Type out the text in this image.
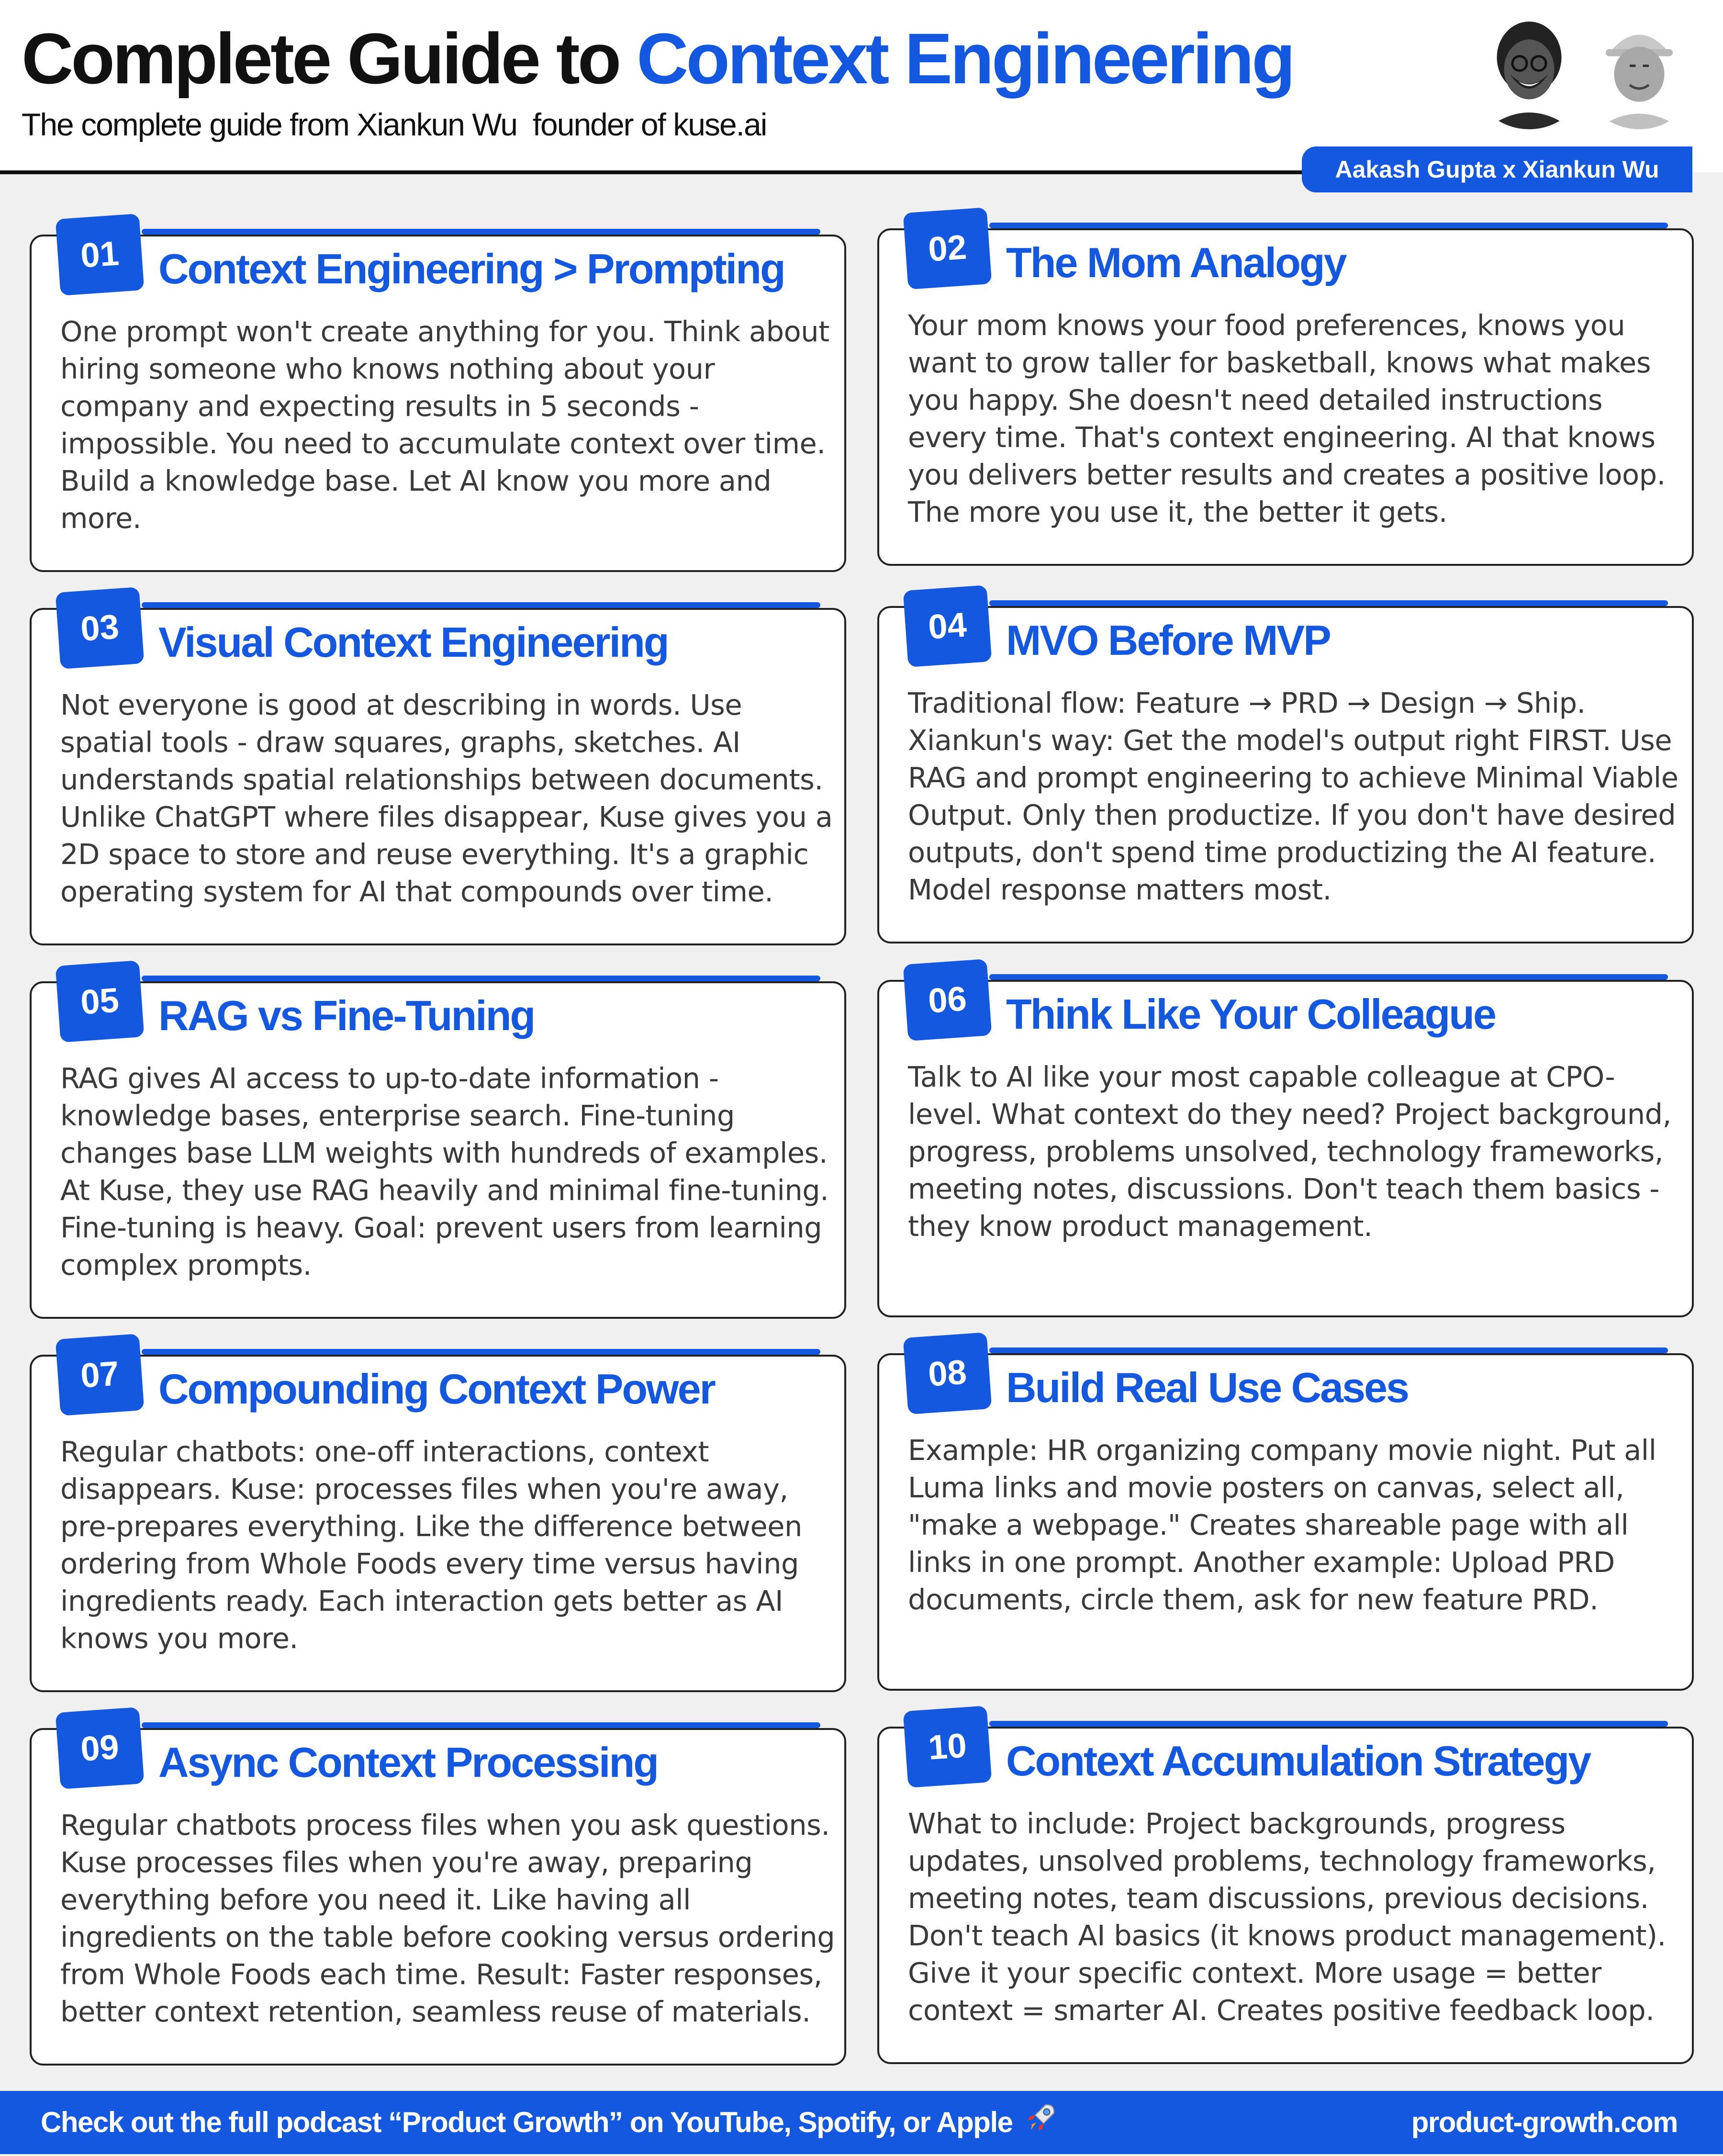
Complete Guide to Context Engineering

The complete guide from Xiankun Wu  founder of kuse.ai

Aakash Gupta x Xiankun Wu
01 Context Engineering > Prompting

One prompt won't create anything for you. Think about hiring someone who knows nothing about your company and expecting results in 5 seconds - impossible. You need to accumulate context over time. Build a knowledge base. Let AI know you more and more.

02 The Mom Analogy

Your mom knows your food preferences, knows you want to grow taller for basketball, knows what makes you happy. She doesn't need detailed instructions every time. That's context engineering. AI that knows you delivers better results and creates a positive loop. The more you use it, the better it gets.

03 Visual Context Engineering

Not everyone is good at describing in words. Use spatial tools - draw squares, graphs, sketches. AI understands spatial relationships between documents. Unlike ChatGPT where files disappear, Kuse gives you a 2D space to store and reuse everything. It's a graphic operating system for AI that compounds over time.

04 MVO Before MVP

Traditional flow: Feature → PRD → Design → Ship. Xiankun's way: Get the model's output right FIRST. Use RAG and prompt engineering to achieve Minimal Viable Output. Only then productize. If you don't have desired outputs, don't spend time productizing the AI feature. Model response matters most.

05 RAG vs Fine-Tuning

RAG gives AI access to up-to-date information - knowledge bases, enterprise search. Fine-tuning changes base LLM weights with hundreds of examples. At Kuse, they use RAG heavily and minimal fine-tuning. Fine-tuning is heavy. Goal: prevent users from learning complex prompts.

06 Think Like Your Colleague

Talk to AI like your most capable colleague at CPO-level. What context do they need? Project background, progress, problems unsolved, technology frameworks, meeting notes, discussions. Don't teach them basics - they know product management.

07 Compounding Context Power

Regular chatbots: one-off interactions, context disappears. Kuse: processes files when you're away, pre-prepares everything. Like the difference between ordering from Whole Foods every time versus having ingredients ready. Each interaction gets better as AI knows you more.

08 Build Real Use Cases

Example: HR organizing company movie night. Put all Luma links and movie posters on canvas, select all, "make a webpage." Creates shareable page with all links in one prompt. Another example: Upload PRD documents, circle them, ask for new feature PRD.

09 Async Context Processing

Regular chatbots process files when you ask questions. Kuse processes files when you're away, preparing everything before you need it. Like having all ingredients on the table before cooking versus ordering from Whole Foods each time. Result: Faster responses, better context retention, seamless reuse of materials.

10 Context Accumulation Strategy

What to include: Project backgrounds, progress updates, unsolved problems, technology frameworks, meeting notes, team discussions, previous decisions. Don't teach AI basics (it knows product management). Give it your specific context. More usage = better context = smarter AI. Creates positive feedback loop.

Check out the full podcast “Product Growth” on YouTube, Spotify, or Apple	product-growth.com
